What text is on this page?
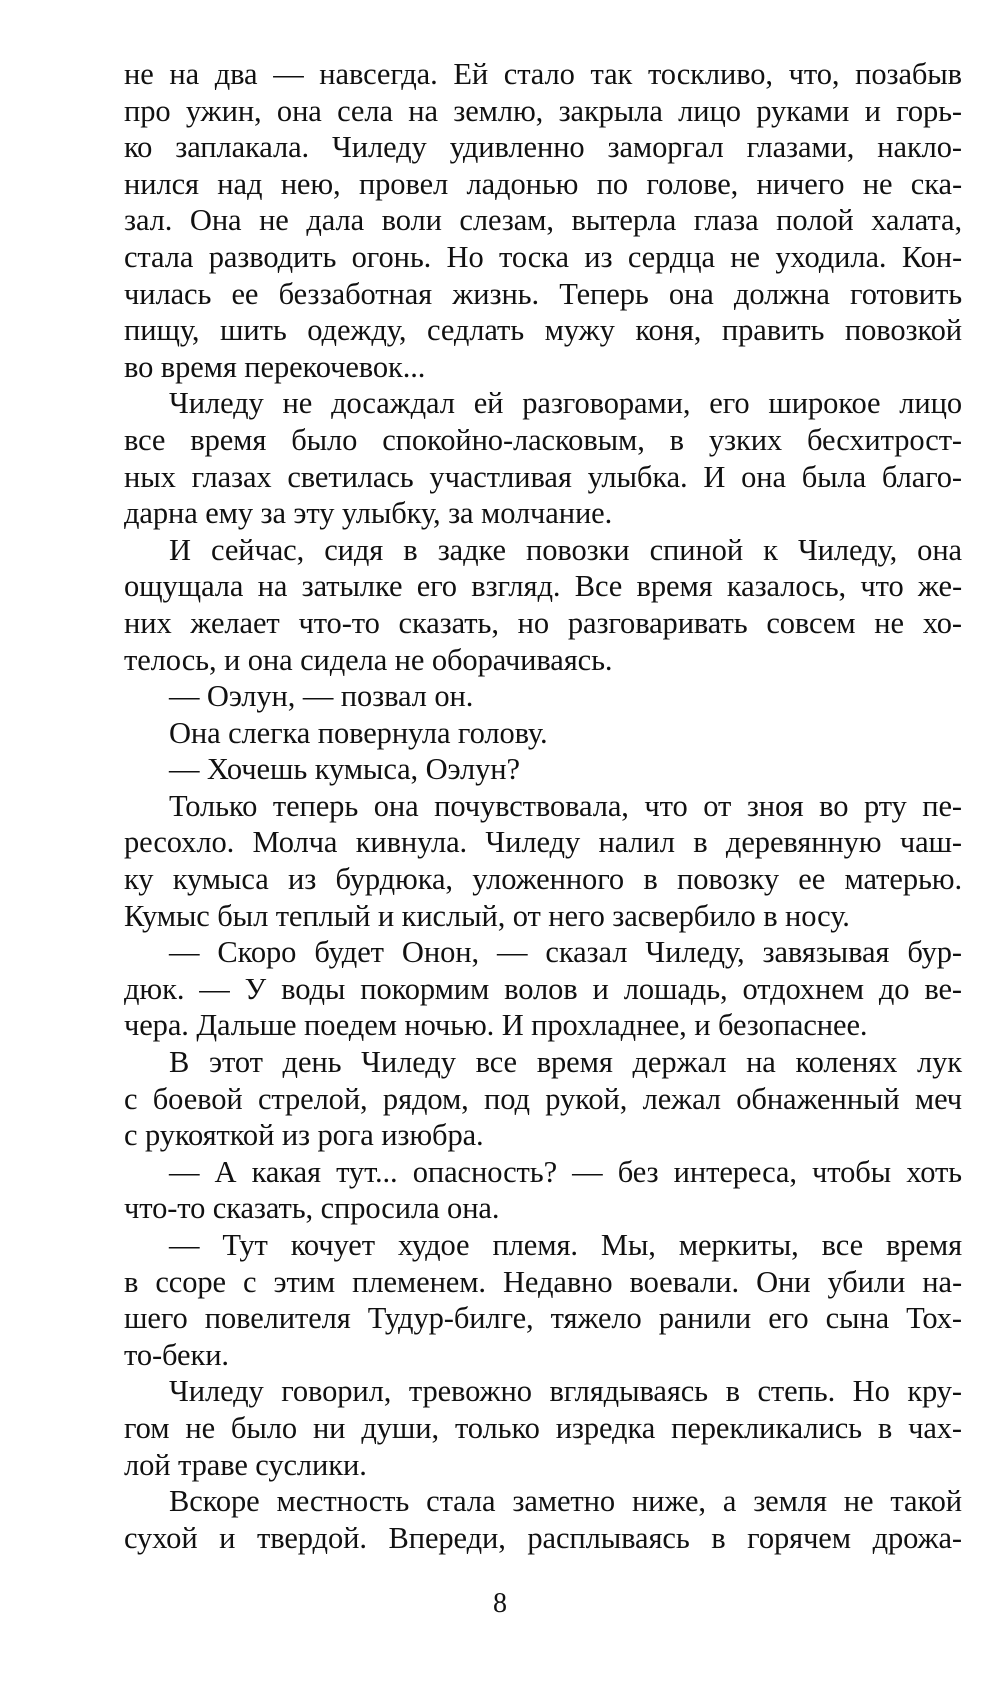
не на два — навсегда. Ей стало так тоскливо, что, позабыв
про ужин, она села на землю, закрыла лицо руками и горь-
ко заплакала. Чиледу удивленно заморгал глазами, накло-
нился над нею, провел ладонью по голове, ничего не ска-
зал. Она не дала воли слезам, вытерла глаза полой халата,
стала разводить огонь. Но тоска из сердца не уходила. Кон-
чилась ее беззаботная жизнь. Теперь она должна готовить
пищу, шить одежду, седлать мужу коня, править повозкой
во время перекочевок...
Чиледу не досаждал ей разговорами, его широкое лицо
все время было спокойно-ласковым, в узких бесхитрост-
ных глазах светилась участливая улыбка. И она была благо-
дарна ему за эту улыбку, за молчание.
И сейчас, сидя в задке повозки спиной к Чиледу, она
ощущала на затылке его взгляд. Все время казалось, что же-
них желает что-то сказать, но разговаривать совсем не хо-
телось, и она сидела не оборачиваясь.
— Оэлун, — позвал он.
Она слегка повернула голову.
— Хочешь кумыса, Оэлун?
Только теперь она почувствовала, что от зноя во рту пе-
ресохло. Молча кивнула. Чиледу налил в деревянную чаш-
ку кумыса из бурдюка, уложенного в повозку ее матерью.
Кумыс был теплый и кислый, от него засвербило в носу.
— Скоро будет Онон, — сказал Чиледу, завязывая бур-
дюк. — У воды покормим волов и лошадь, отдохнем до ве-
чера. Дальше поедем ночью. И прохладнее, и безопаснее.
В этот день Чиледу все время держал на коленях лук
с боевой стрелой, рядом, под рукой, лежал обнаженный меч
с рукояткой из рога изюбра.
— А какая тут... опасность? — без интереса, чтобы хоть
что-то сказать, спросила она.
— Тут кочует худое племя. Мы, меркиты, все время
в ссоре с этим племенем. Недавно воевали. Они убили на-
шего повелителя Тудур-билге, тяжело ранили его сына Тох-
то-беки.
Чиледу говорил, тревожно вглядываясь в степь. Но кру-
гом не было ни души, только изредка перекликались в чах-
лой траве суслики.
Вскоре местность стала заметно ниже, а земля не такой
сухой и твердой. Впереди, расплываясь в горячем дрожа-
8
